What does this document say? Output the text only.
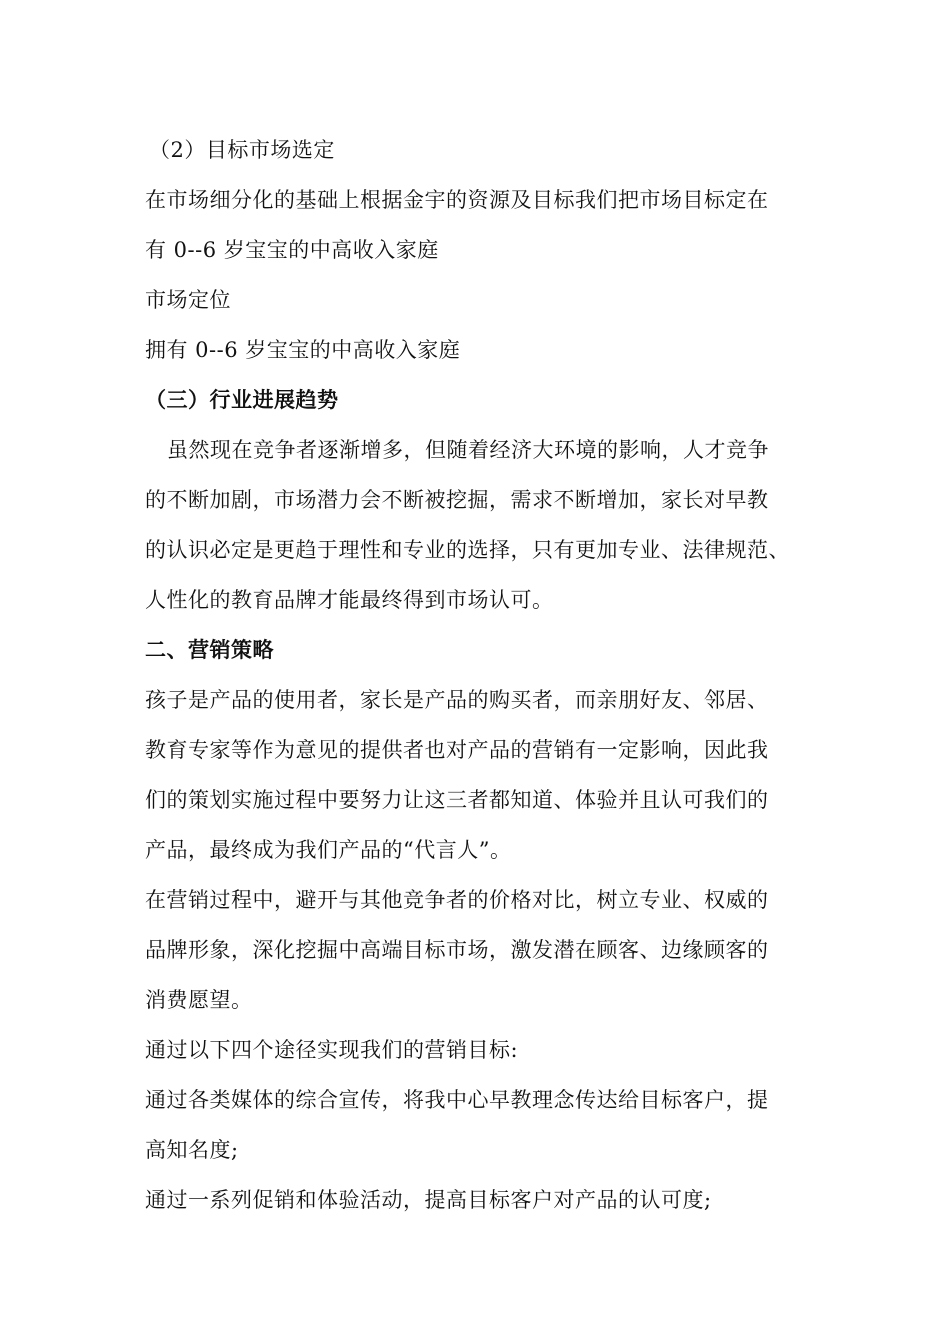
（2）目标市场选定
在市场细分化的基础上根据金宇的资源及目标我们把市场目标定在
有 0--6 岁宝宝的中高收入家庭
市场定位
拥有 0--6 岁宝宝的中高收入家庭
（三）行业进展趋势
虽然现在竞争者逐渐增多，但随着经济大环境的影响，人才竞争
的不断加剧，市场潜力会不断被挖掘，需求不断增加，家长对早教
的认识必定是更趋于理性和专业的选择，只有更加专业、法律规范、
人性化的教育品牌才能最终得到市场认可。
二、营销策略
孩子是产品的使用者，家长是产品的购买者，而亲朋好友、邻居、
教育专家等作为意见的提供者也对产品的营销有一定影响，因此我
们的策划实施过程中要努力让这三者都知道、体验并且认可我们的
产品，最终成为我们产品的“代言人”。
在营销过程中，避开与其他竞争者的价格对比，树立专业、权威的
品牌形象，深化挖掘中高端目标市场，激发潜在顾客、边缘顾客的
消费愿望。
通过以下四个途径实现我们的营销目标:
通过各类媒体的综合宣传，将我中心早教理念传达给目标客户，提
高知名度;
通过一系列促销和体验活动，提高目标客户对产品的认可度;
